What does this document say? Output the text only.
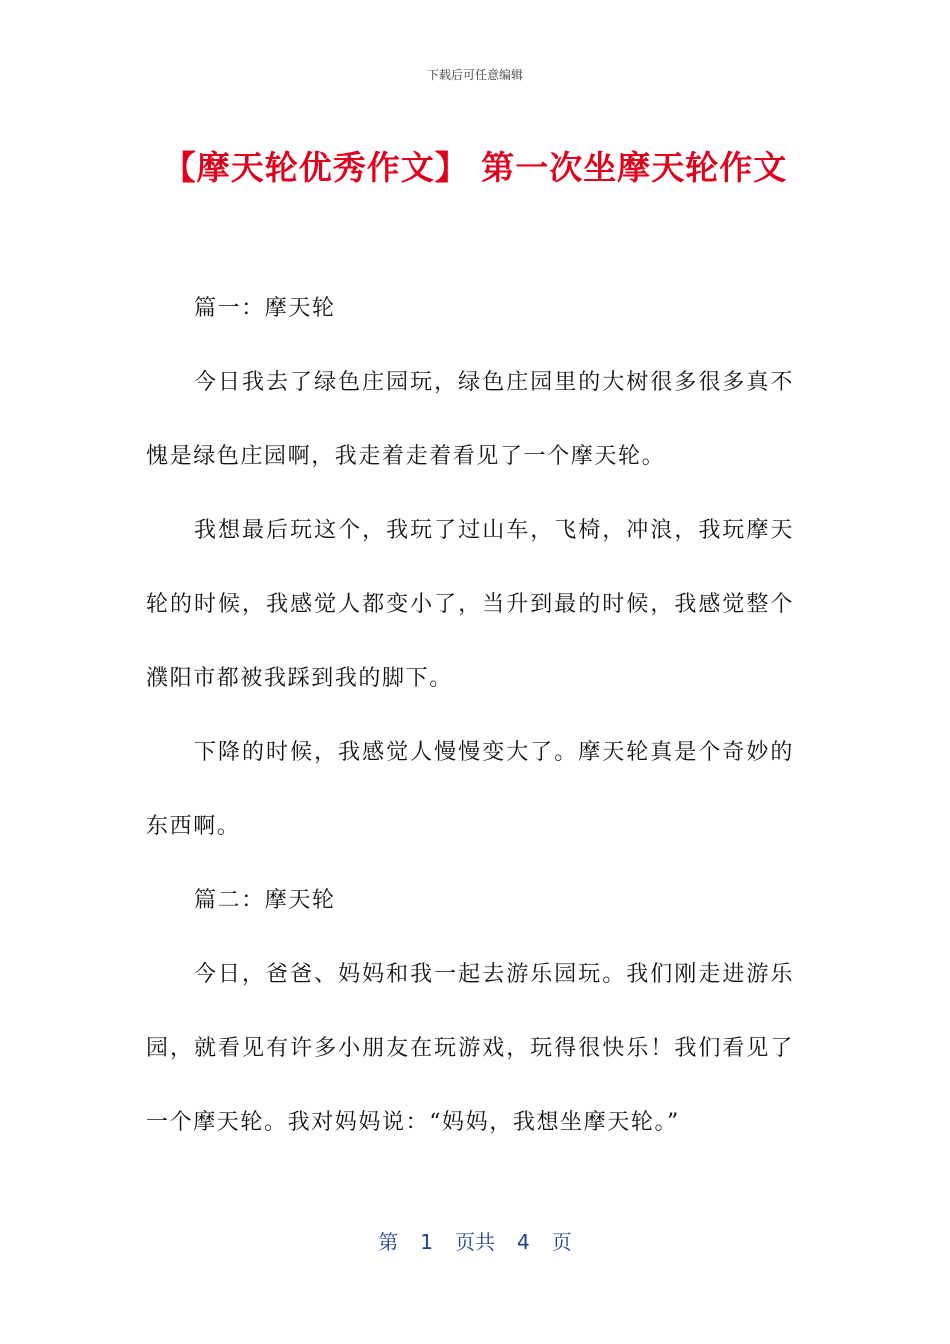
下载后可任意编辑
【摩天轮优秀作文】 第一次坐摩天轮作文

篇一：摩天轮

今日我去了绿色庄园玩，绿色庄园里的大树很多很多真不愧是绿色庄园啊，我走着走着看见了一个摩天轮。

我想最后玩这个，我玩了过山车，飞椅，冲浪，我玩摩天轮的时候，我感觉人都变小了，当升到最的时候，我感觉整个濮阳市都被我踩到我的脚下。

下降的时候，我感觉人慢慢变大了。摩天轮真是个奇妙的东西啊。

篇二：摩天轮

今日，爸爸、妈妈和我一起去游乐园玩。我们刚走进游乐园，就看见有许多小朋友在玩游戏，玩得很快乐！我们看见了一个摩天轮。我对妈妈说：“妈妈，我想坐摩天轮。”

第 1 页共 4 页
